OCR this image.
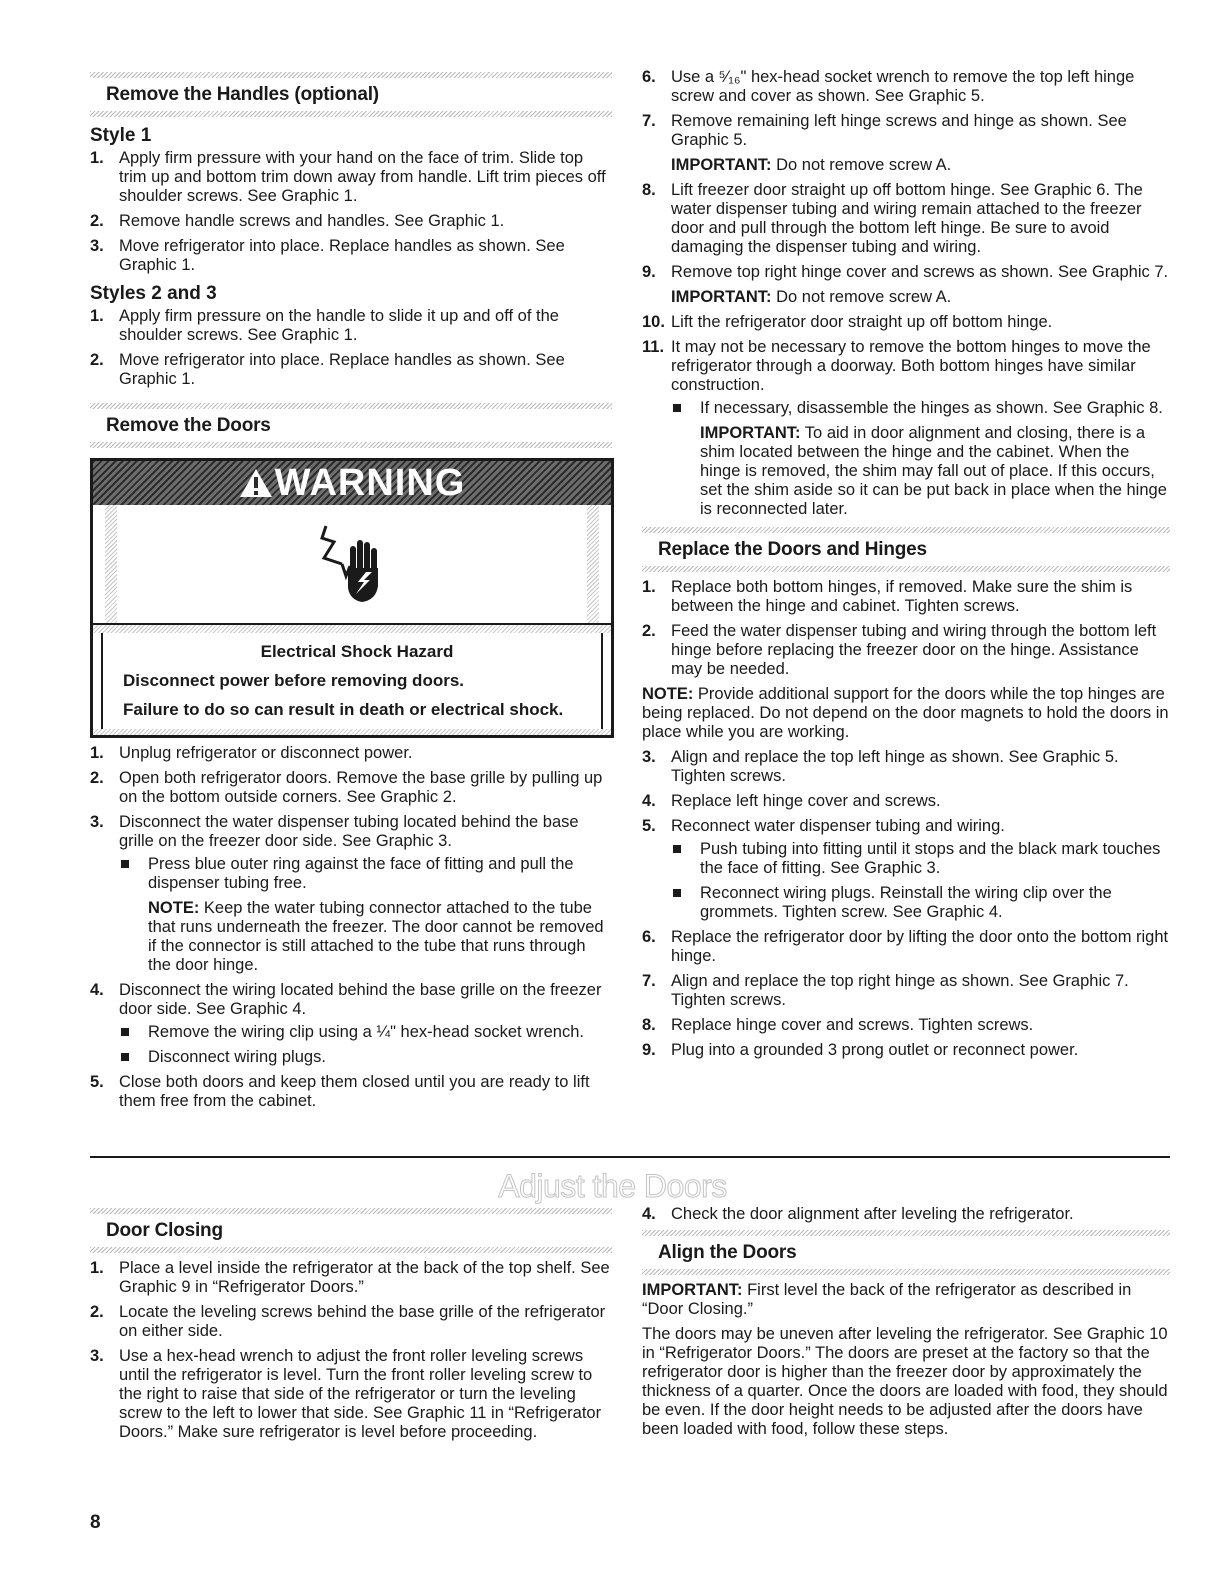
Remove the Handles (optional)
Style 1
1. Apply firm pressure with your hand on the face of trim. Slide top trim up and bottom trim down away from handle. Lift trim pieces off shoulder screws. See Graphic 1.
2. Remove handle screws and handles. See Graphic 1.
3. Move refrigerator into place. Replace handles as shown. See Graphic 1.
Styles 2 and 3
1. Apply firm pressure on the handle to slide it up and off of the shoulder screws. See Graphic 1.
2. Move refrigerator into place. Replace handles as shown. See Graphic 1.
Remove the Doors
WARNING
Electrical Shock Hazard

Disconnect power before removing doors.

Failure to do so can result in death or electrical shock.

1. Unplug refrigerator or disconnect power.
2. Open both refrigerator doors. Remove the base grille by pulling up on the bottom outside corners. See Graphic 2.
3. Disconnect the water dispenser tubing located behind the base grille on the freezer door side. See Graphic 3.
Press blue outer ring against the face of fitting and pull the dispenser tubing free.
NOTE: Keep the water tubing connector attached to the tube that runs underneath the freezer. The door cannot be removed if the connector is still attached to the tube that runs through the door hinge.
4. Disconnect the wiring located behind the base grille on the freezer door side. See Graphic 4.
Remove the wiring clip using a ¼" hex-head socket wrench.
Disconnect wiring plugs.
5. Close both doors and keep them closed until you are ready to lift them free from the cabinet.
6. Use a ⁵⁄₁₆" hex-head socket wrench to remove the top left hinge screw and cover as shown. See Graphic 5.
7. Remove remaining left hinge screws and hinge as shown. See Graphic 5.
IMPORTANT: Do not remove screw A.
8. Lift freezer door straight up off bottom hinge. See Graphic 6. The water dispenser tubing and wiring remain attached to the freezer door and pull through the bottom left hinge. Be sure to avoid damaging the dispenser tubing and wiring.
9. Remove top right hinge cover and screws as shown. See Graphic 7.
IMPORTANT: Do not remove screw A.
10. Lift the refrigerator door straight up off bottom hinge.
11. It may not be necessary to remove the bottom hinges to move the refrigerator through a doorway. Both bottom hinges have similar construction.
If necessary, disassemble the hinges as shown. See Graphic 8.
IMPORTANT: To aid in door alignment and closing, there is a shim located between the hinge and the cabinet. When the hinge is removed, the shim may fall out of place. If this occurs, set the shim aside so it can be put back in place when the hinge is reconnected later.
Replace the Doors and Hinges
1. Replace both bottom hinges, if removed. Make sure the shim is between the hinge and cabinet. Tighten screws.
2. Feed the water dispenser tubing and wiring through the bottom left hinge before replacing the freezer door on the hinge. Assistance may be needed.
NOTE: Provide additional support for the doors while the top hinges are being replaced. Do not depend on the door magnets to hold the doors in place while you are working.
3. Align and replace the top left hinge as shown. See Graphic 5. Tighten screws.
4. Replace left hinge cover and screws.
5. Reconnect water dispenser tubing and wiring.
Push tubing into fitting until it stops and the black mark touches the face of fitting. See Graphic 3.
Reconnect wiring plugs. Reinstall the wiring clip over the grommets. Tighten screw. See Graphic 4.
6. Replace the refrigerator door by lifting the door onto the bottom right hinge.
7. Align and replace the top right hinge as shown. See Graphic 7. Tighten screws.
8. Replace hinge cover and screws. Tighten screws.
9. Plug into a grounded 3 prong outlet or reconnect power.
Adjust the Doors
Door Closing
1. Place a level inside the refrigerator at the back of the top shelf. See Graphic 9 in “Refrigerator Doors.”
2. Locate the leveling screws behind the base grille of the refrigerator on either side.
3. Use a hex-head wrench to adjust the front roller leveling screws until the refrigerator is level. Turn the front roller leveling screw to the right to raise that side of the refrigerator or turn the leveling screw to the left to lower that side. See Graphic 11 in “Refrigerator Doors.” Make sure refrigerator is level before proceeding.
4. Check the door alignment after leveling the refrigerator.
Align the Doors
IMPORTANT: First level the back of the refrigerator as described in “Door Closing.”
The doors may be uneven after leveling the refrigerator. See Graphic 10 in “Refrigerator Doors.” The doors are preset at the factory so that the refrigerator door is higher than the freezer door by approximately the thickness of a quarter. Once the doors are loaded with food, they should be even. If the door height needs to be adjusted after the doors have been loaded with food, follow these steps.
8
